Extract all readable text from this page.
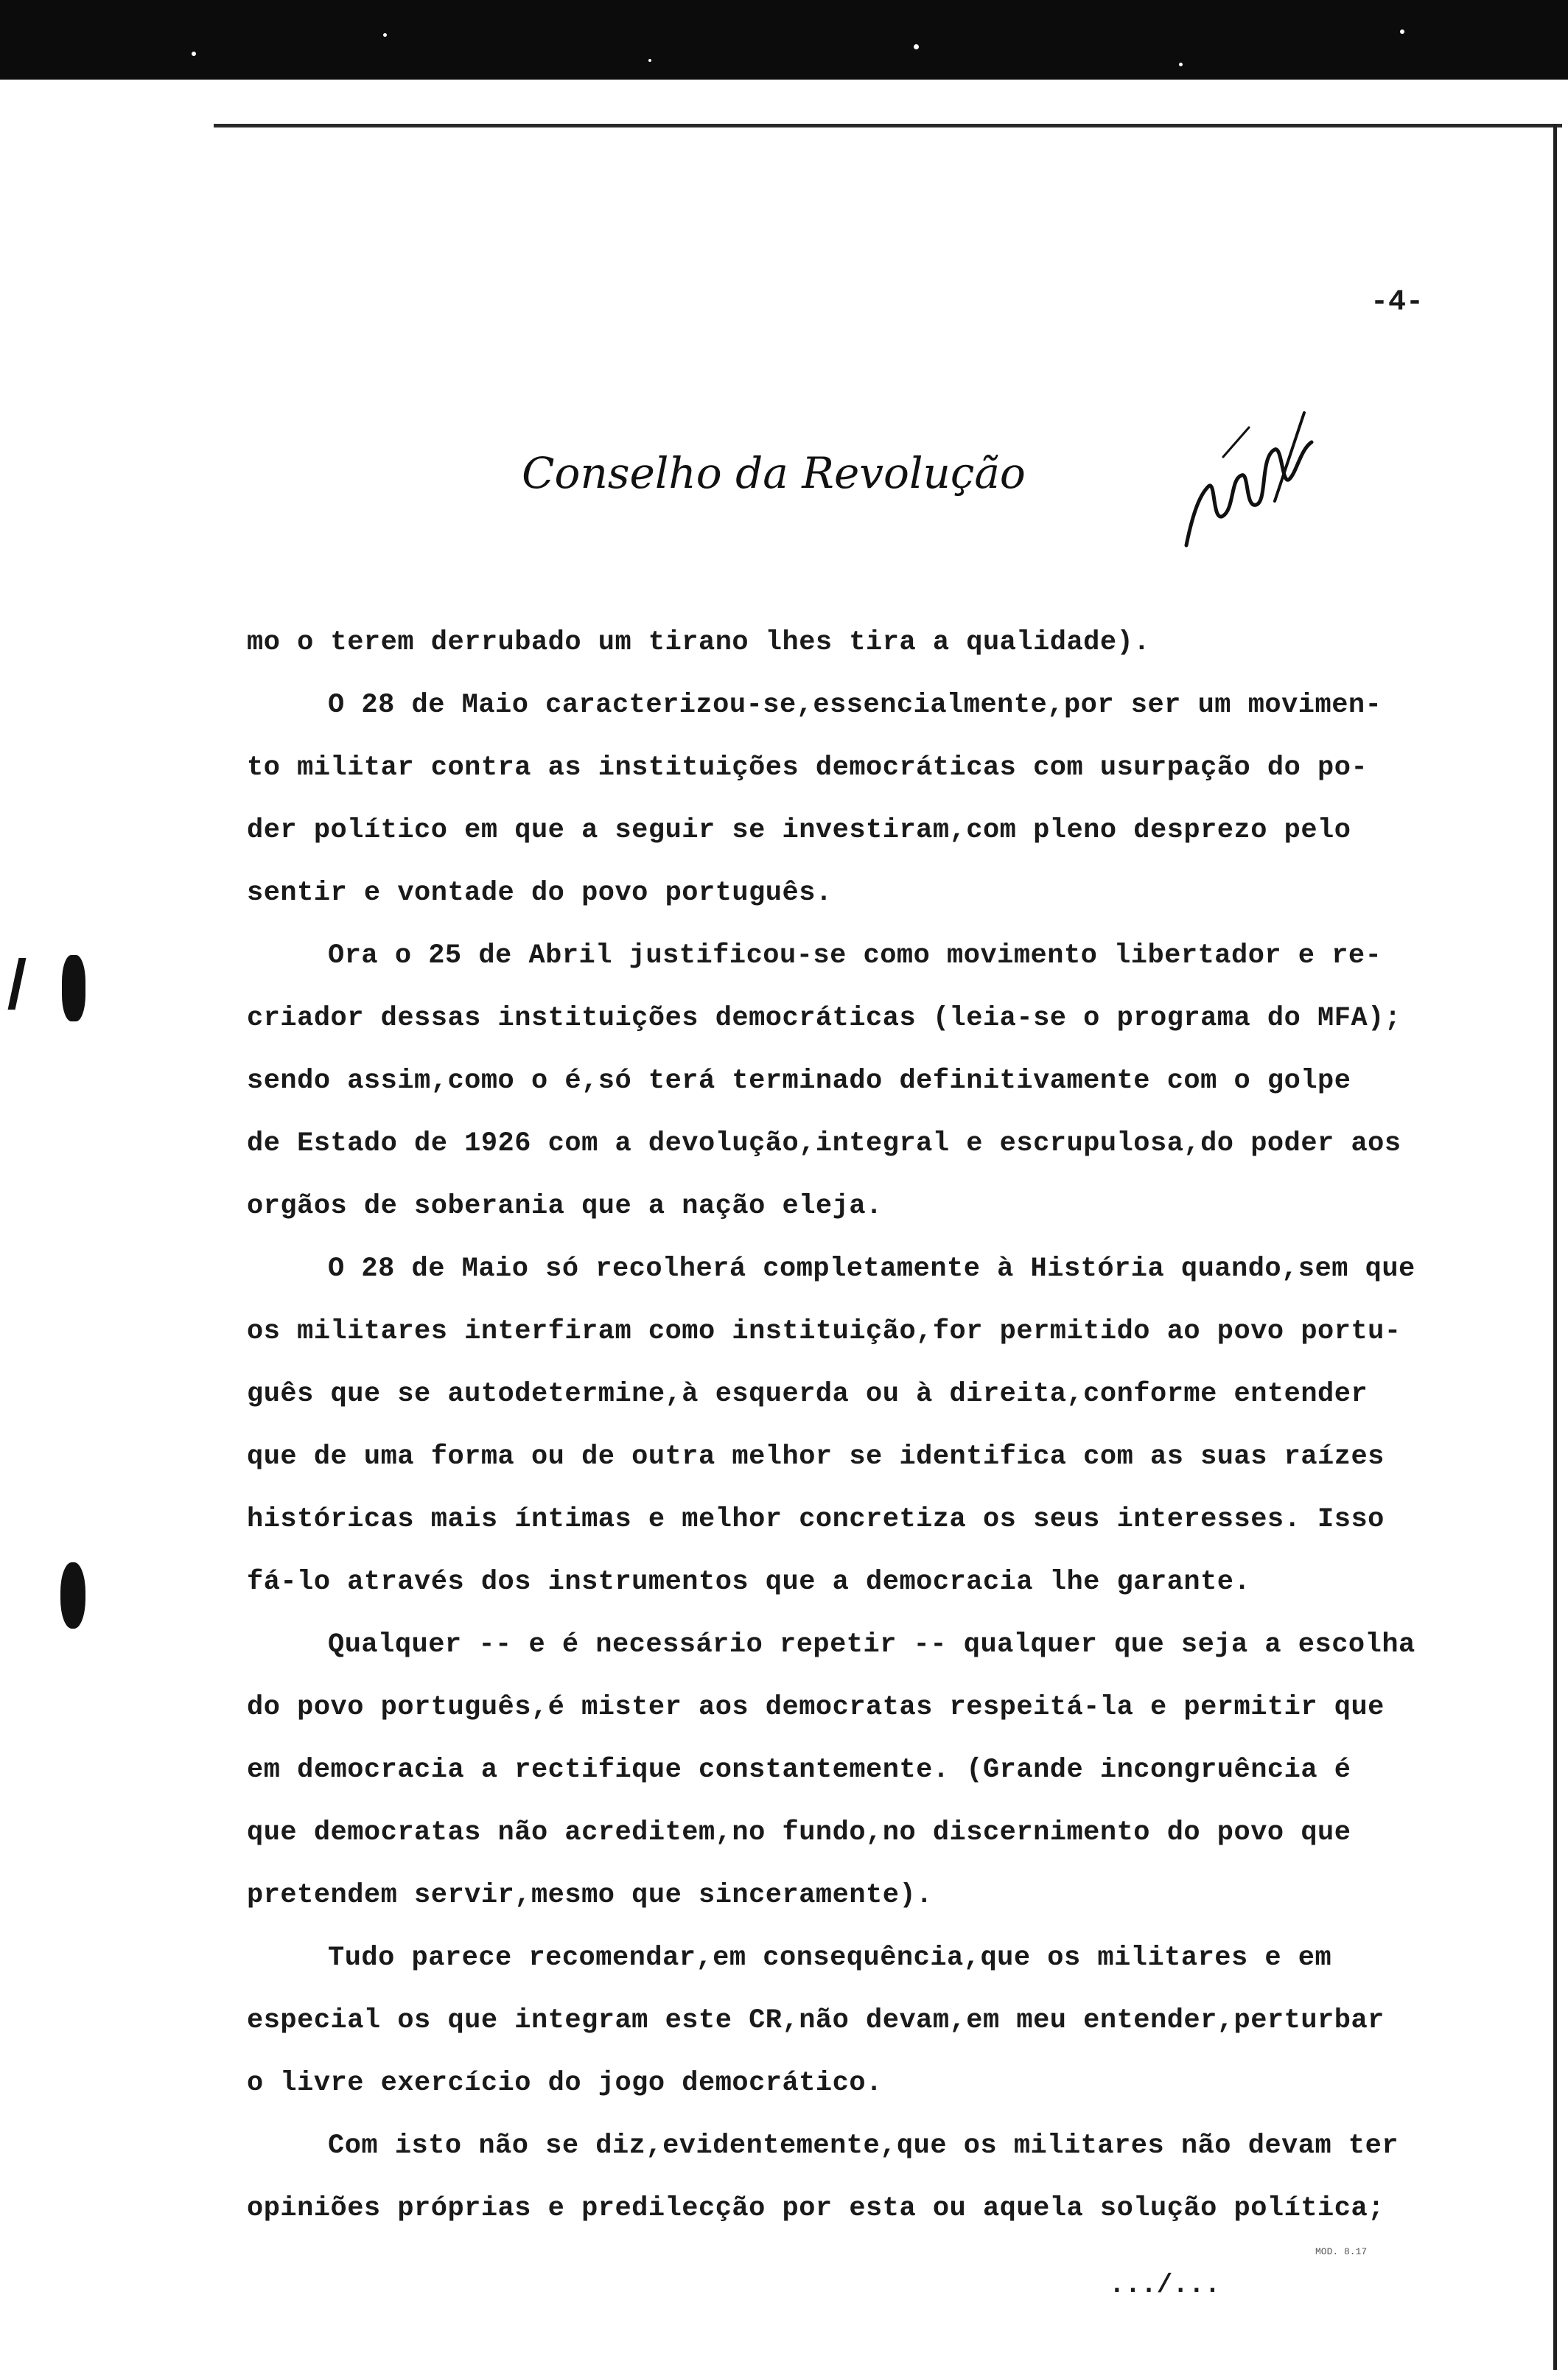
-4-
Conselho da Revolução
mo o terem derrubado um tirano lhes tira a qualidade).
O 28 de Maio caracterizou-se,essencialmente,por ser um movimen-
to militar contra as instituições democráticas com usurpação do po-
der político em que a seguir se investiram,com pleno desprezo pelo
sentir e vontade do povo português.
Ora o 25 de Abril justificou-se como movimento libertador e re-
criador dessas instituições democráticas (leia-se o programa do MFA);
sendo assim,como o é,só terá terminado definitivamente com o golpe
de Estado de 1926 com a devolução,integral e escrupulosa,do poder aos
orgãos de soberania que a nação eleja.
O 28 de Maio só recolherá completamente à História quando,sem que
os militares interfiram como instituição,for permitido ao povo portu-
guês que se autodetermine,à esquerda ou à direita,conforme entender
que de uma forma ou de outra melhor se identifica com as suas raízes
históricas mais íntimas e melhor concretiza os seus interesses. Isso
fá-lo através dos instrumentos que a democracia lhe garante.
Qualquer -- e é necessário repetir -- qualquer que seja a escolha
do povo português,é mister aos democratas respeitá-la e permitir que
em democracia a rectifique constantemente. (Grande incongruência é
que democratas não acreditem,no fundo,no discernimento do povo que
pretendem servir,mesmo que sinceramente).
Tudo parece recomendar,em consequência,que os militares e em
especial os que integram este CR,não devam,em meu entender,perturbar
o livre exercício do jogo democrático.
Com isto não se diz,evidentemente,que os militares não devam ter
opiniões próprias e predilecção por esta ou aquela solução política;
MOD. 8.17
.../...
